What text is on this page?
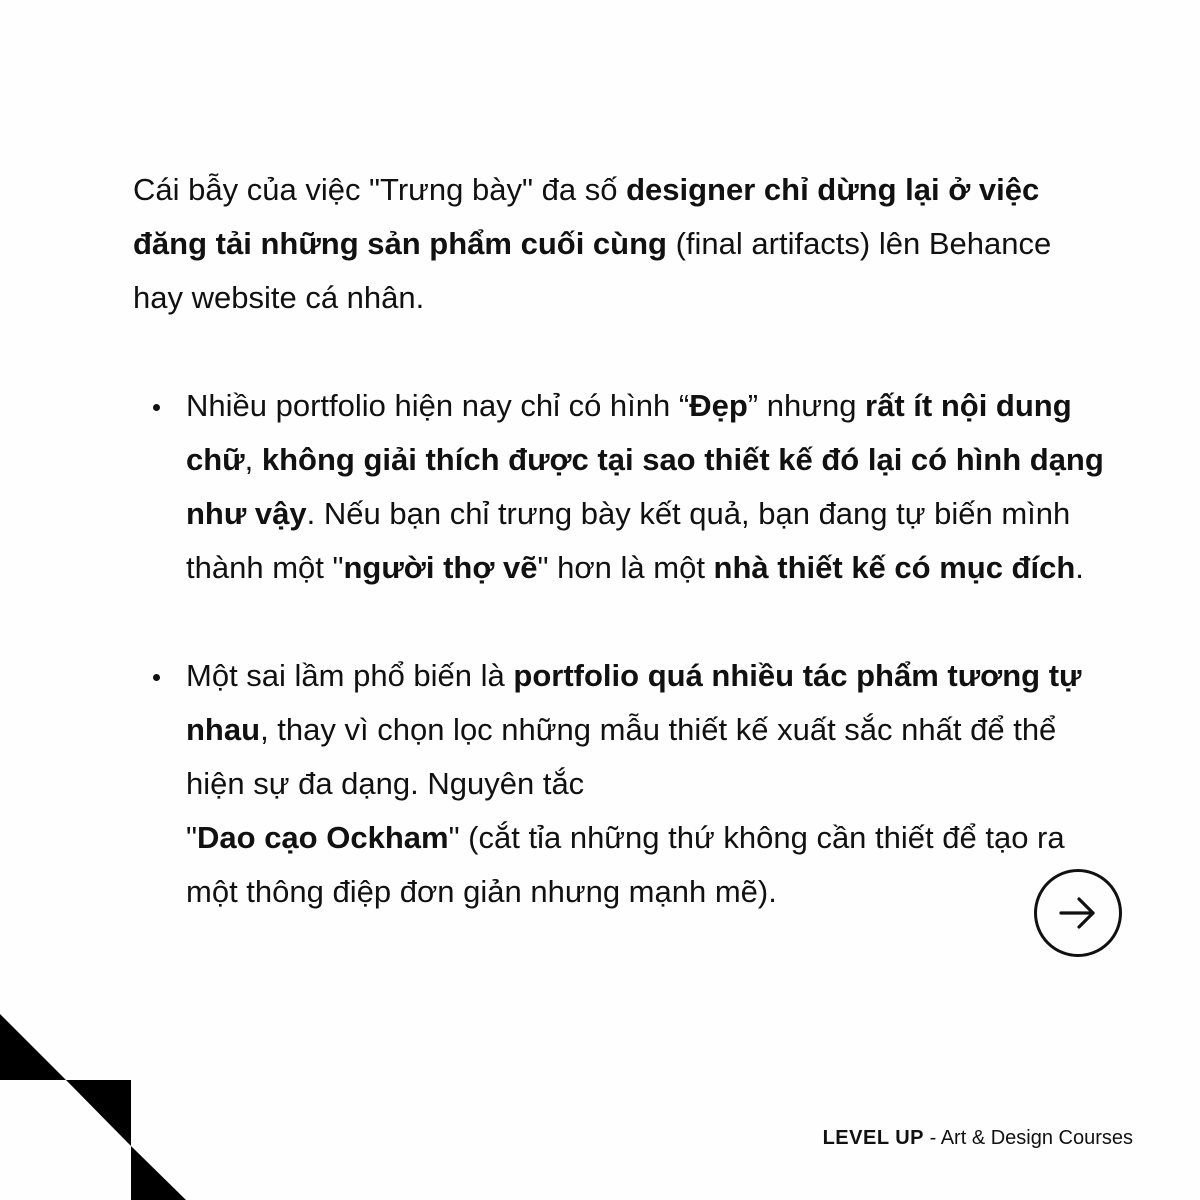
Cái bẫy của việc "Trưng bày" đa số designer chỉ dừng lại ở việc đăng tải những sản phẩm cuối cùng (final artifacts) lên Behance hay website cá nhân.

Nhiều portfolio hiện nay chỉ có hình “Đẹp” nhưng rất ít nội dung chữ, không giải thích được tại sao thiết kế đó lại có hình dạng như vậy. Nếu bạn chỉ trưng bày kết quả, bạn đang tự biến mình thành một "người thợ vẽ" hơn là một nhà thiết kế có mục đích.
Một sai lầm phổ biến là portfolio quá nhiều tác phẩm tương tự nhau, thay vì chọn lọc những mẫu thiết kế xuất sắc nhất để thể hiện sự đa dạng. Nguyên tắc
"Dao cạo Ockham" (cắt tỉa những thứ không cần thiết để tạo ra một thông điệp đơn giản nhưng mạnh mẽ).
LEVEL UP - Art & Design Courses
